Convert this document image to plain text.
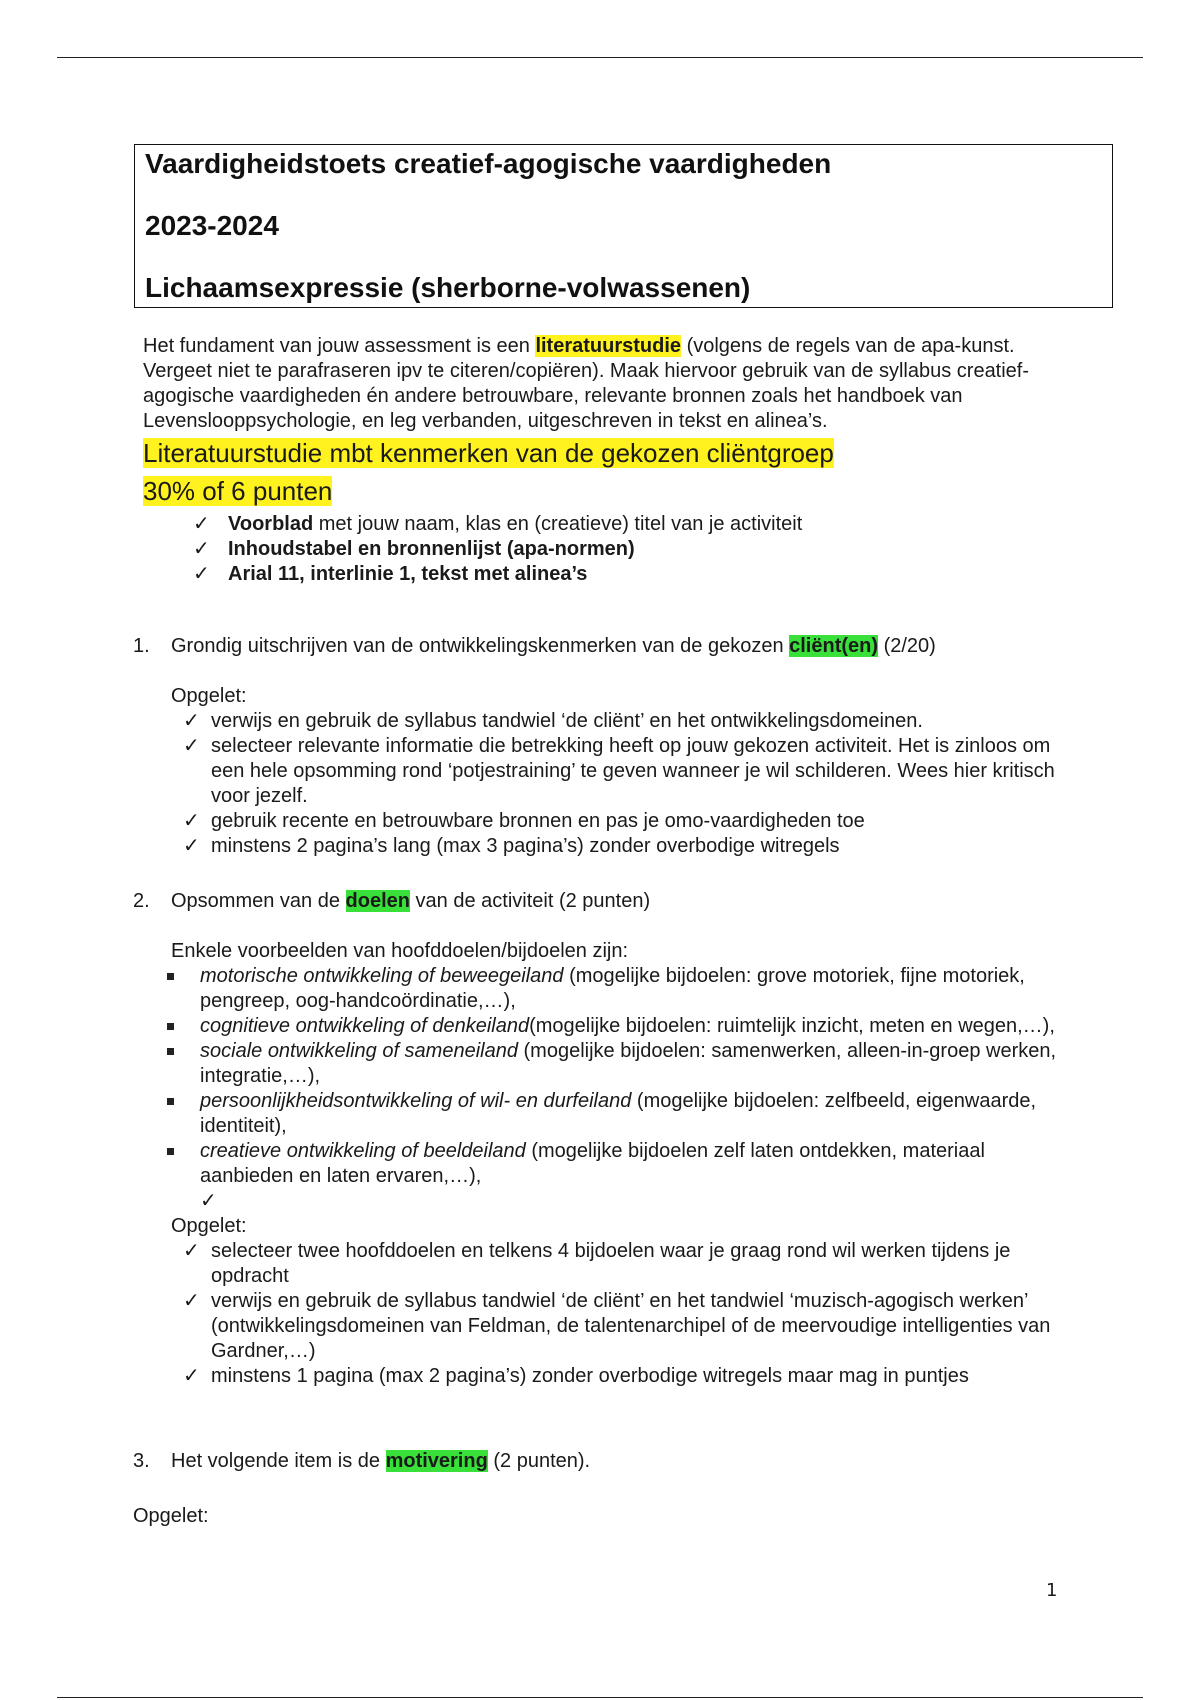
Vaardigheidstoets creatief-agogische vaardigheden

2023-2024

Lichaamsexpressie (sherborne-volwassenen)

Het fundament van jouw assessment is een literatuurstudie (volgens de regels van de apa-kunst. Vergeet niet te parafraseren ipv te citeren/copiëren). Maak hiervoor gebruik van de syllabus creatief-agogische vaardigheden én andere betrouwbare, relevante bronnen zoals het handboek van Levenslooppsychologie, en leg verbanden, uitgeschreven in tekst en alinea’s.

Literatuurstudie mbt kenmerken van de gekozen cliëntgroep

30% of 6 punten

✓ Voorblad met jouw naam, klas en (creatieve) titel van je activiteit
✓ Inhoudstabel en bronnenlijst (apa-normen)
✓ Arial 11, interlinie 1, tekst met alinea’s

1. Grondig uitschrijven van de ontwikkelingskenmerken van de gekozen cliënt(en) (2/20)

Opgelet:

✓ verwijs en gebruik de syllabus tandwiel ‘de cliënt’ en het ontwikkelingsdomeinen.
✓ selecteer relevante informatie die betrekking heeft op jouw gekozen activiteit. Het is zinloos om een hele opsomming rond ‘potjestraining’ te geven wanneer je wil schilderen. Wees hier kritisch voor jezelf.
✓ gebruik recente en betrouwbare bronnen en pas je omo-vaardigheden toe
✓ minstens 2 pagina’s lang (max 3 pagina’s) zonder overbodige witregels

2. Opsommen van de doelen van de activiteit (2 punten)

Enkele voorbeelden van hoofddoelen/bijdoelen zijn:

motorische ontwikkeling of beweegeiland (mogelijke bijdoelen: grove motoriek, fijne motoriek, pengreep, oog-handcoördinatie,…),
cognitieve ontwikkeling of denkeiland(mogelijke bijdoelen: ruimtelijk inzicht, meten en wegen,…),
sociale ontwikkeling of sameneiland (mogelijke bijdoelen: samenwerken, alleen-in-groep werken, integratie,…),
persoonlijkheidsontwikkeling of wil- en durfeiland (mogelijke bijdoelen: zelfbeeld, eigenwaarde, identiteit),
creatieve ontwikkeling of beeldeiland (mogelijke bijdoelen zelf laten ontdekken, materiaal aanbieden en laten ervaren,…),
✓

Opgelet:

✓ selecteer twee hoofddoelen en telkens 4 bijdoelen waar je graag rond wil werken tijdens je opdracht
✓ verwijs en gebruik de syllabus tandwiel ‘de cliënt’ en het tandwiel ‘muzisch-agogisch werken’ (ontwikkelingsdomeinen van Feldman, de talentenarchipel of de meervoudige intelligenties van Gardner,…)
✓ minstens 1 pagina (max 2 pagina’s) zonder overbodige witregels maar mag in puntjes

3. Het volgende item is de motivering (2 punten).

Opgelet:

1
